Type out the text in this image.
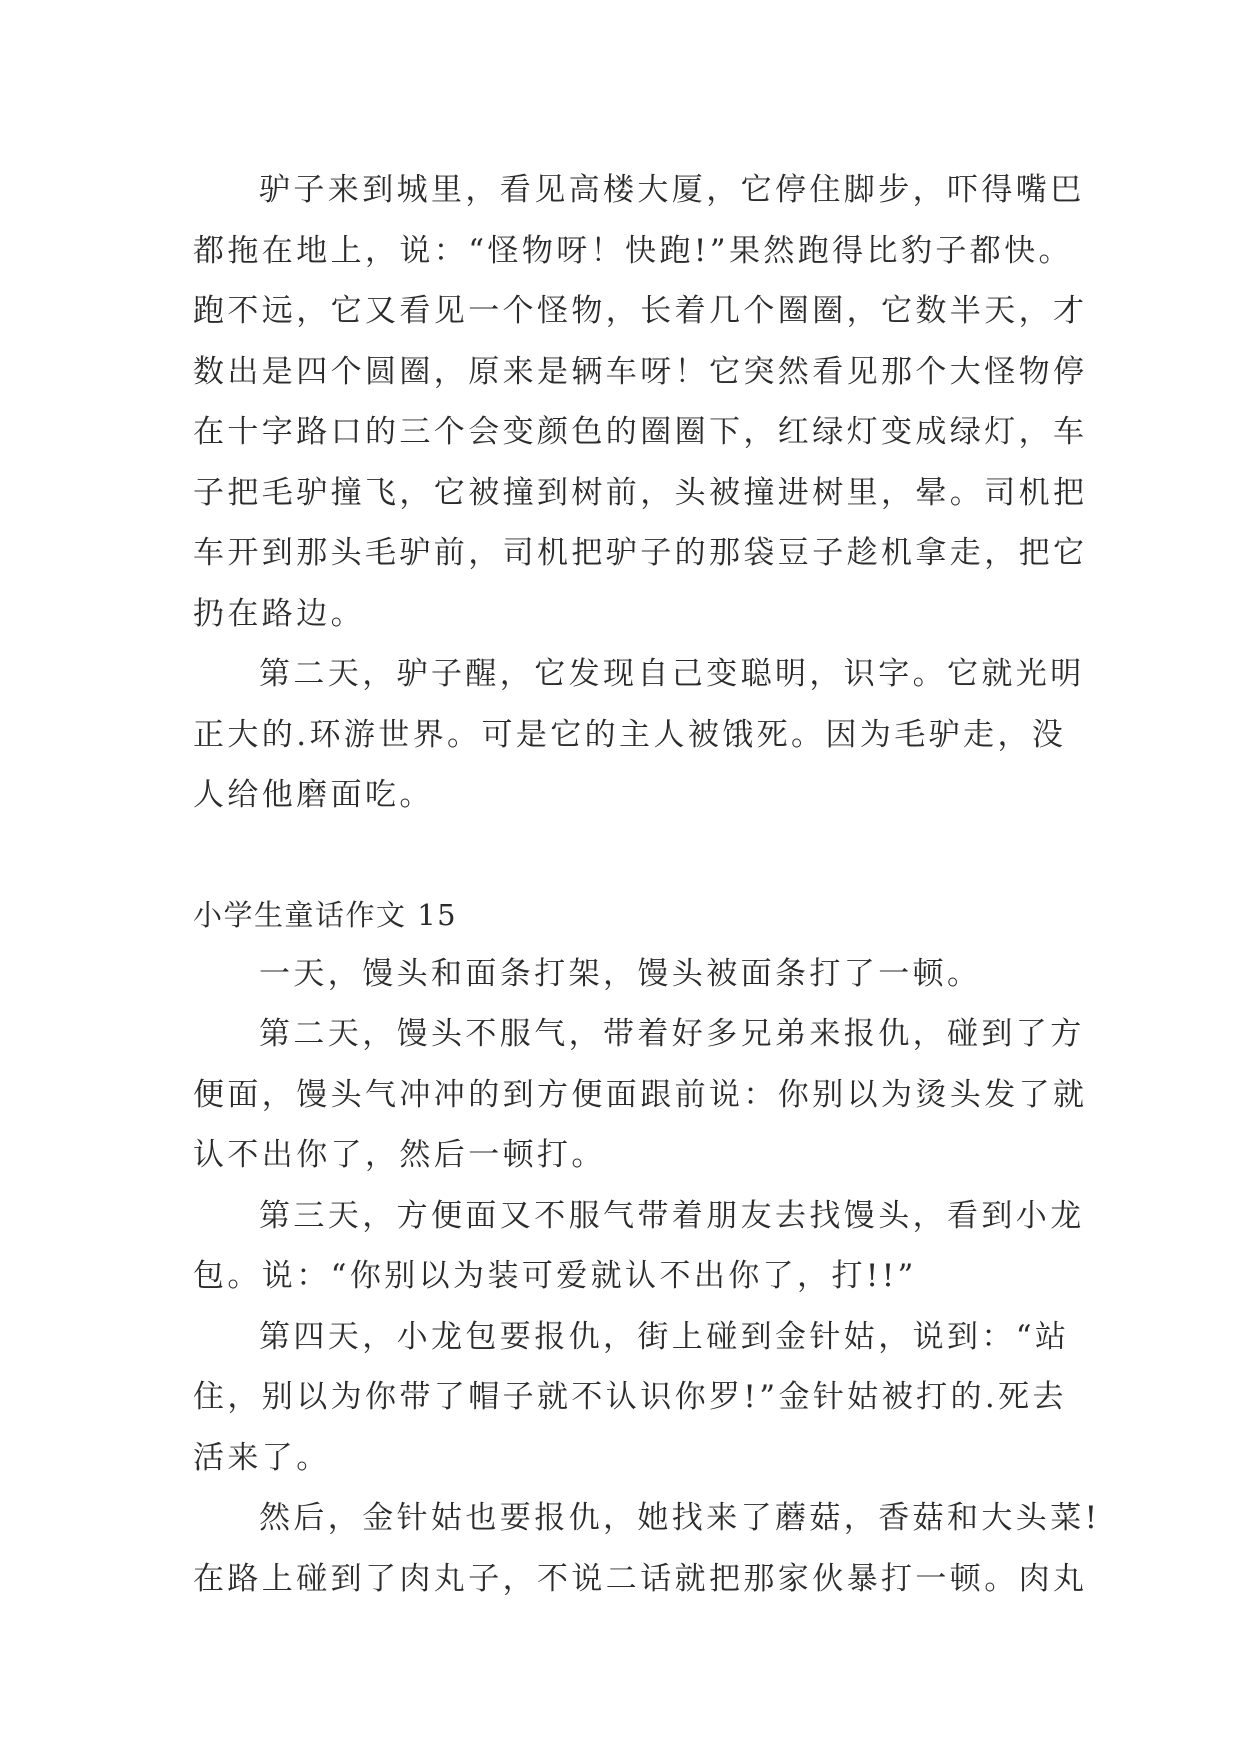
驴子来到城里，看见高楼大厦，它停住脚步，吓得嘴巴
都拖在地上，说：“怪物呀！快跑!”果然跑得比豹子都快。
跑不远，它又看见一个怪物，长着几个圈圈，它数半天，才
数出是四个圆圈，原来是辆车呀！它突然看见那个大怪物停
在十字路口的三个会变颜色的圈圈下，红绿灯变成绿灯，车
子把毛驴撞飞，它被撞到树前，头被撞进树里，晕。司机把
车开到那头毛驴前，司机把驴子的那袋豆子趁机拿走，把它
扔在路边。
第二天，驴子醒，它发现自己变聪明，识字。它就光明
正大的.环游世界。可是它的主人被饿死。因为毛驴走，没
人给他磨面吃。
小学生童话作文 15
一天，馒头和面条打架，馒头被面条打了一顿。
第二天，馒头不服气，带着好多兄弟来报仇，碰到了方
便面，馒头气冲冲的到方便面跟前说：你别以为烫头发了就
认不出你了，然后一顿打。
第三天，方便面又不服气带着朋友去找馒头，看到小龙
包。说：“你别以为装可爱就认不出你了，打!!”
第四天，小龙包要报仇，街上碰到金针姑，说到：“站
住，别以为你带了帽子就不认识你罗!”金针姑被打的.死去
活来了。
然后，金针姑也要报仇，她找来了蘑菇，香菇和大头菜!
在路上碰到了肉丸子，不说二话就把那家伙暴打一顿。肉丸
